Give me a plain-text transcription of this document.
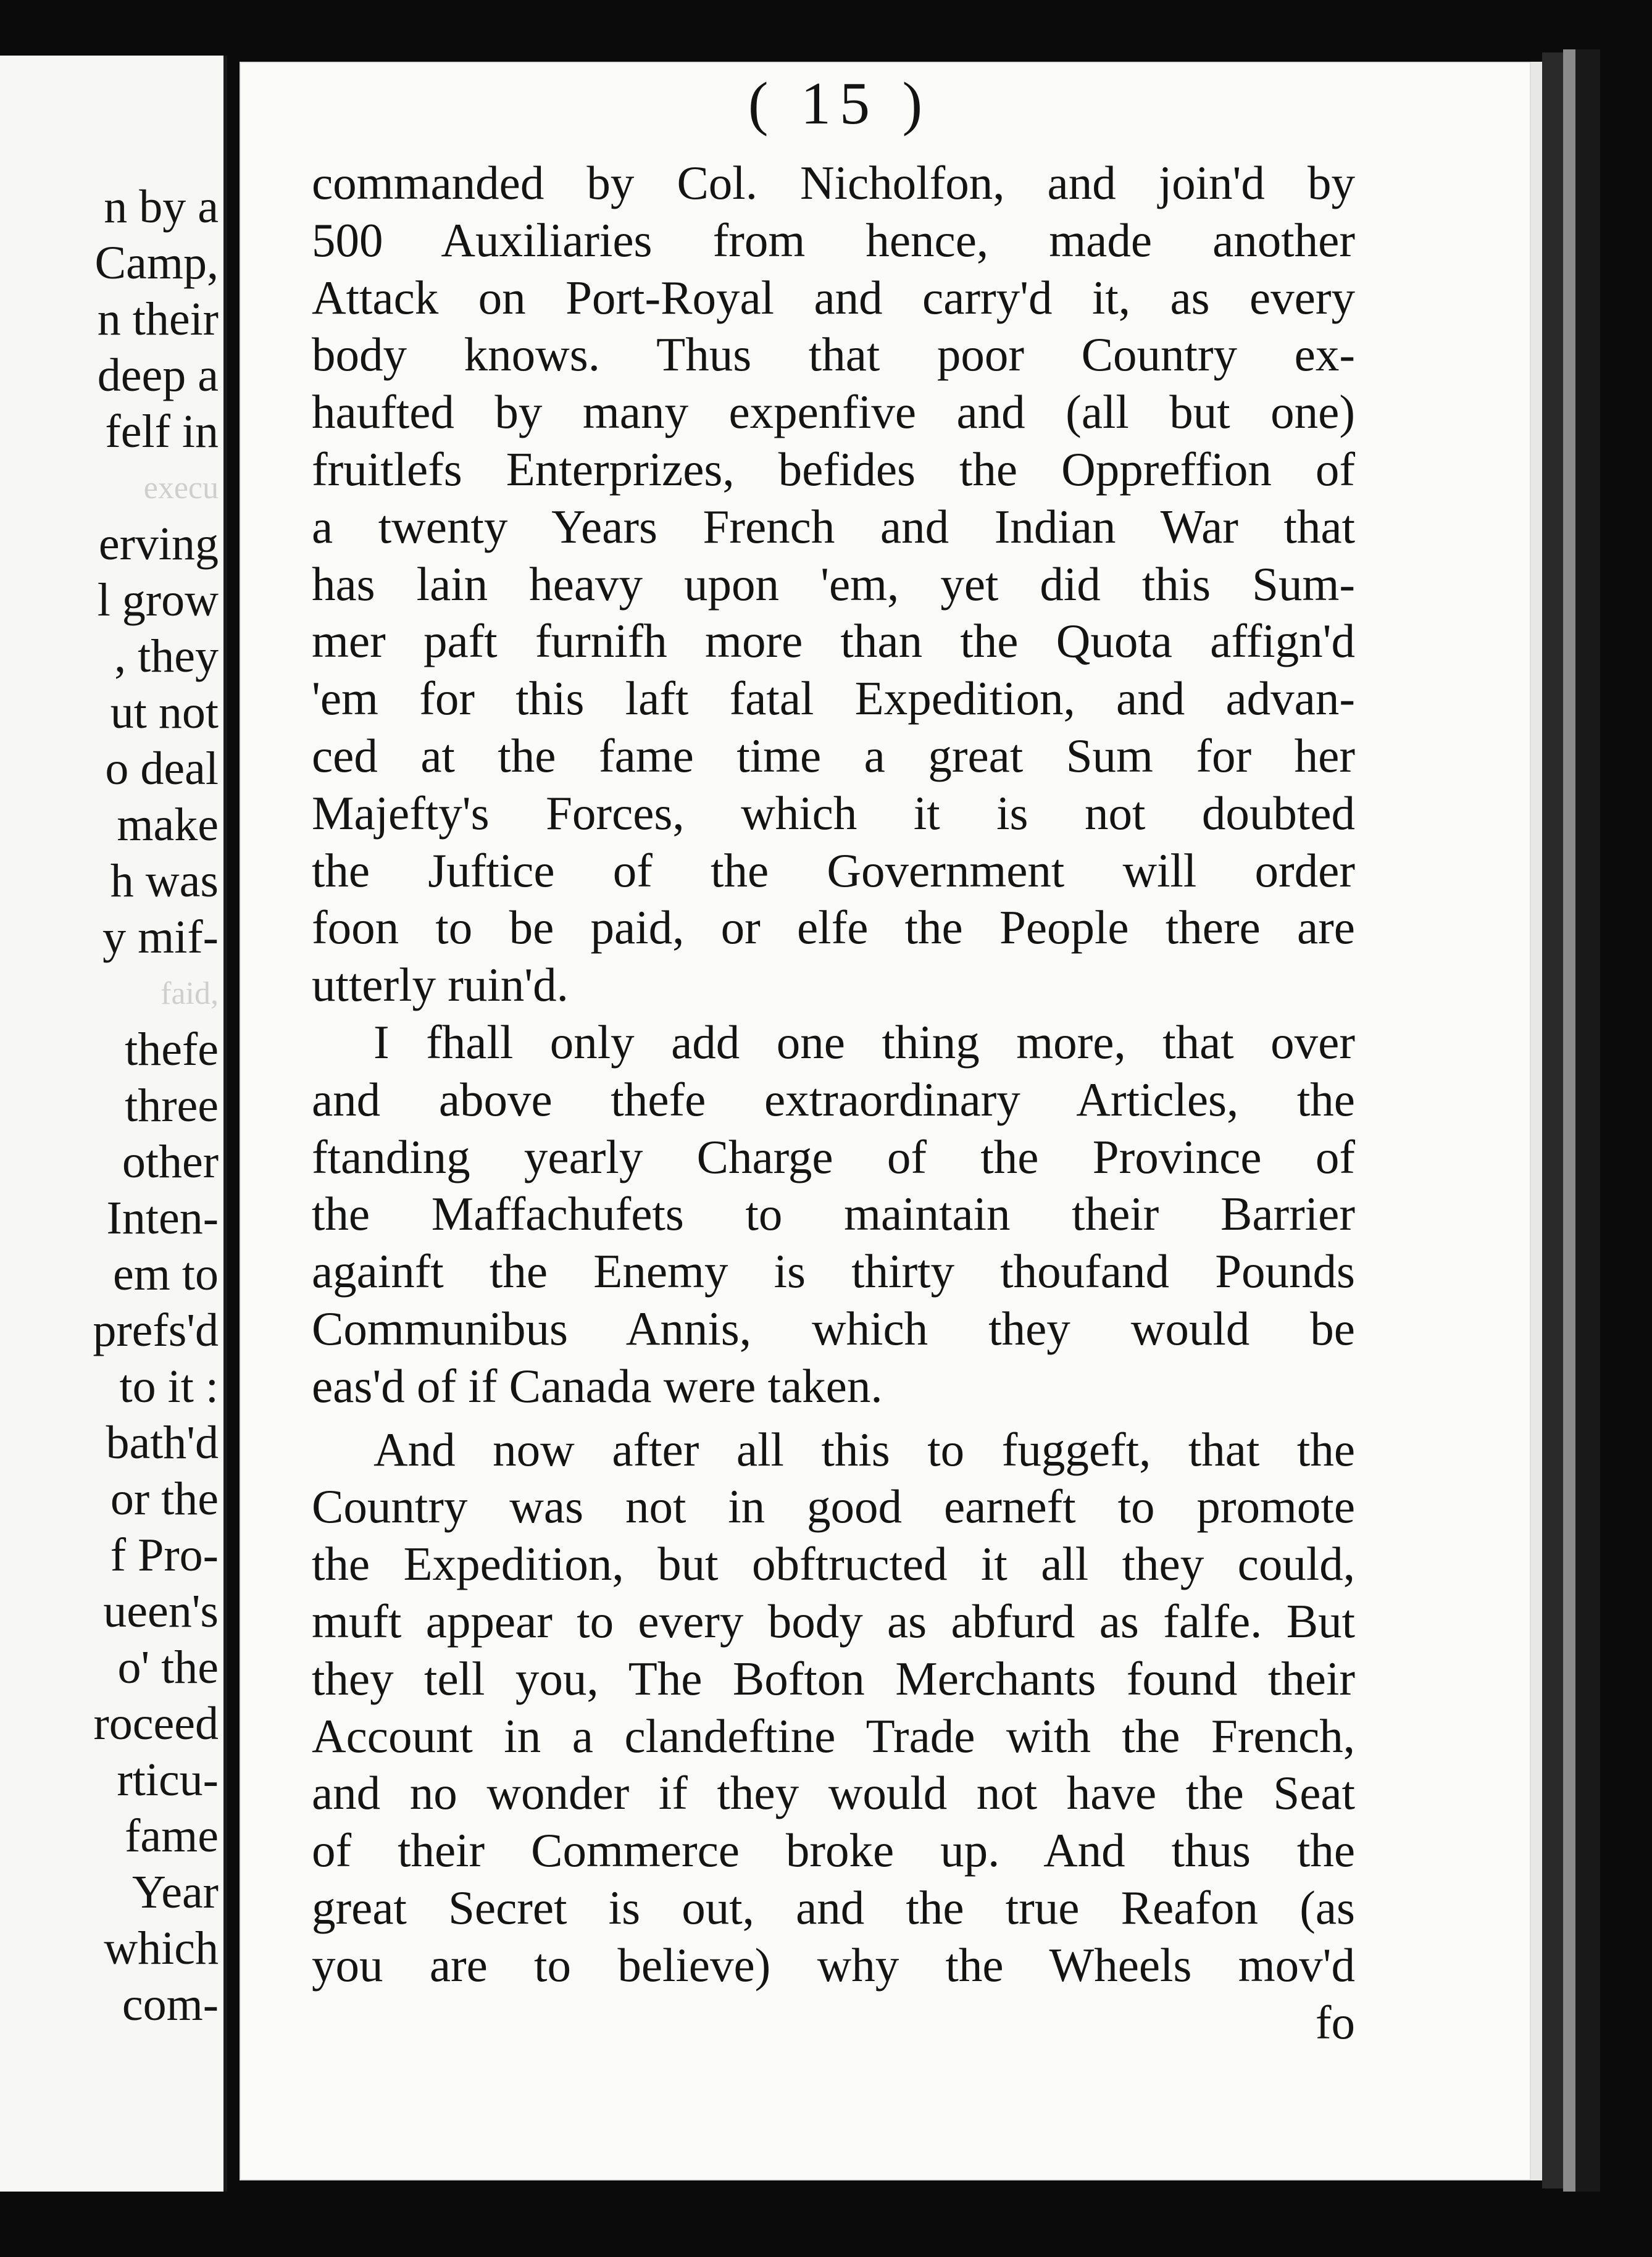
n by a
Camp,
n their
deep a
felf in
execu
erving
l grow
, they
ut not
o deal
make
h was
y mif-
faid,
thefe
three
other
Inten-
em to
prefs'd
to it :
bath'd
or the
f Pro-
ueen's
o' the
roceed
rticu-
fame
Year
which
com-
( 15 )
commanded by Col. Nicholfon, and join'd by
500 Auxiliaries from hence, made another
Attack on Port-Royal and carry'd it, as every
body knows. Thus that poor Country ex-
haufted by many expenfive and (all but one)
fruitlefs Enterprizes, befides the Oppreffion of
a twenty Years French and Indian War that
has lain heavy upon 'em, yet did this Sum-
mer paft furnifh more than the Quota affign'd
'em for this laft fatal Expedition, and advan-
ced at the fame time a great Sum for her
Majefty's Forces, which it is not doubted
the Juftice of the Government will order
foon to be paid, or elfe the People there are
utterly ruin'd.
I fhall only add one thing more, that over
and above thefe extraordinary Articles, the
ftanding yearly Charge of the Province of
the Maffachufets to maintain their Barrier
againft the Enemy is thirty thoufand Pounds
Communibus Annis, which they would be
eas'd of if Canada were taken.
And now after all this to fuggeft, that the
Country was not in good earneft to promote
the Expedition, but obftructed it all they could,
muft appear to every body as abfurd as falfe. But
they tell you, The Bofton Merchants found their
Account in a clandeftine Trade with the French,
and no wonder if they would not have the Seat
of their Commerce broke up. And thus the
great Secret is out, and the true Reafon (as
you are to believe) why the Wheels mov'd
fo
